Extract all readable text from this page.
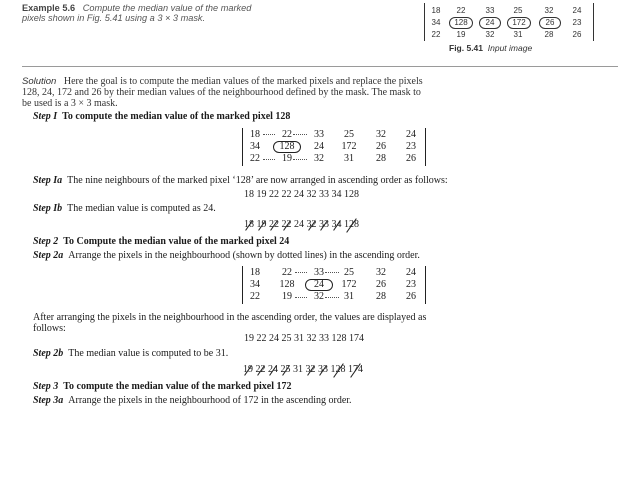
Example 5.6 Compute the median value of the marked
pixels shown in Fig. 5.41 using a 3 × 3 mask.
18	22	33	25	32	24
34	128	24	172	26	23
22	19	32	31	28	26
Fig. 5.41 Input image
Solution Here the goal is to compute the median values of the marked pixels and replace the pixels
128, 24, 172 and 26 by their median values of the neighbourhood defined by the mask. The mask to
be used is a 3 × 3 mask.
Step I To compute the median value of the marked pixel 128
18	22	33	25	32	24
34	128	24	172	26	23
22	19	32	31	28	26
Step Ia The nine neighbours of the marked pixel ‘128’ are now arranged in ascending order as follows:
18 19 22 22 24 32 33 34 128
Step Ib The median value is computed as 24.
18 19 22 22 24 32 33 34 128
Step 2 To Compute the median value of the marked pixel 24
Step 2a Arrange the pixels in the neighbourhood (shown by dotted lines) in the ascending order.
18	22	33	25	32	24
34	128	24	172	26	23
22	19	32	31	28	26
After arranging the pixels in the neighbourhood in the ascending order, the values are displayed as
follows:
19 22 24 25 31 32 33 128 174
Step 2b The median value is computed to be 31.
19 22 24 25 31 32 33 128 174
Step 3 To compute the median value of the marked pixel 172
Step 3a Arrange the pixels in the neighbourhood of 172 in the ascending order.
